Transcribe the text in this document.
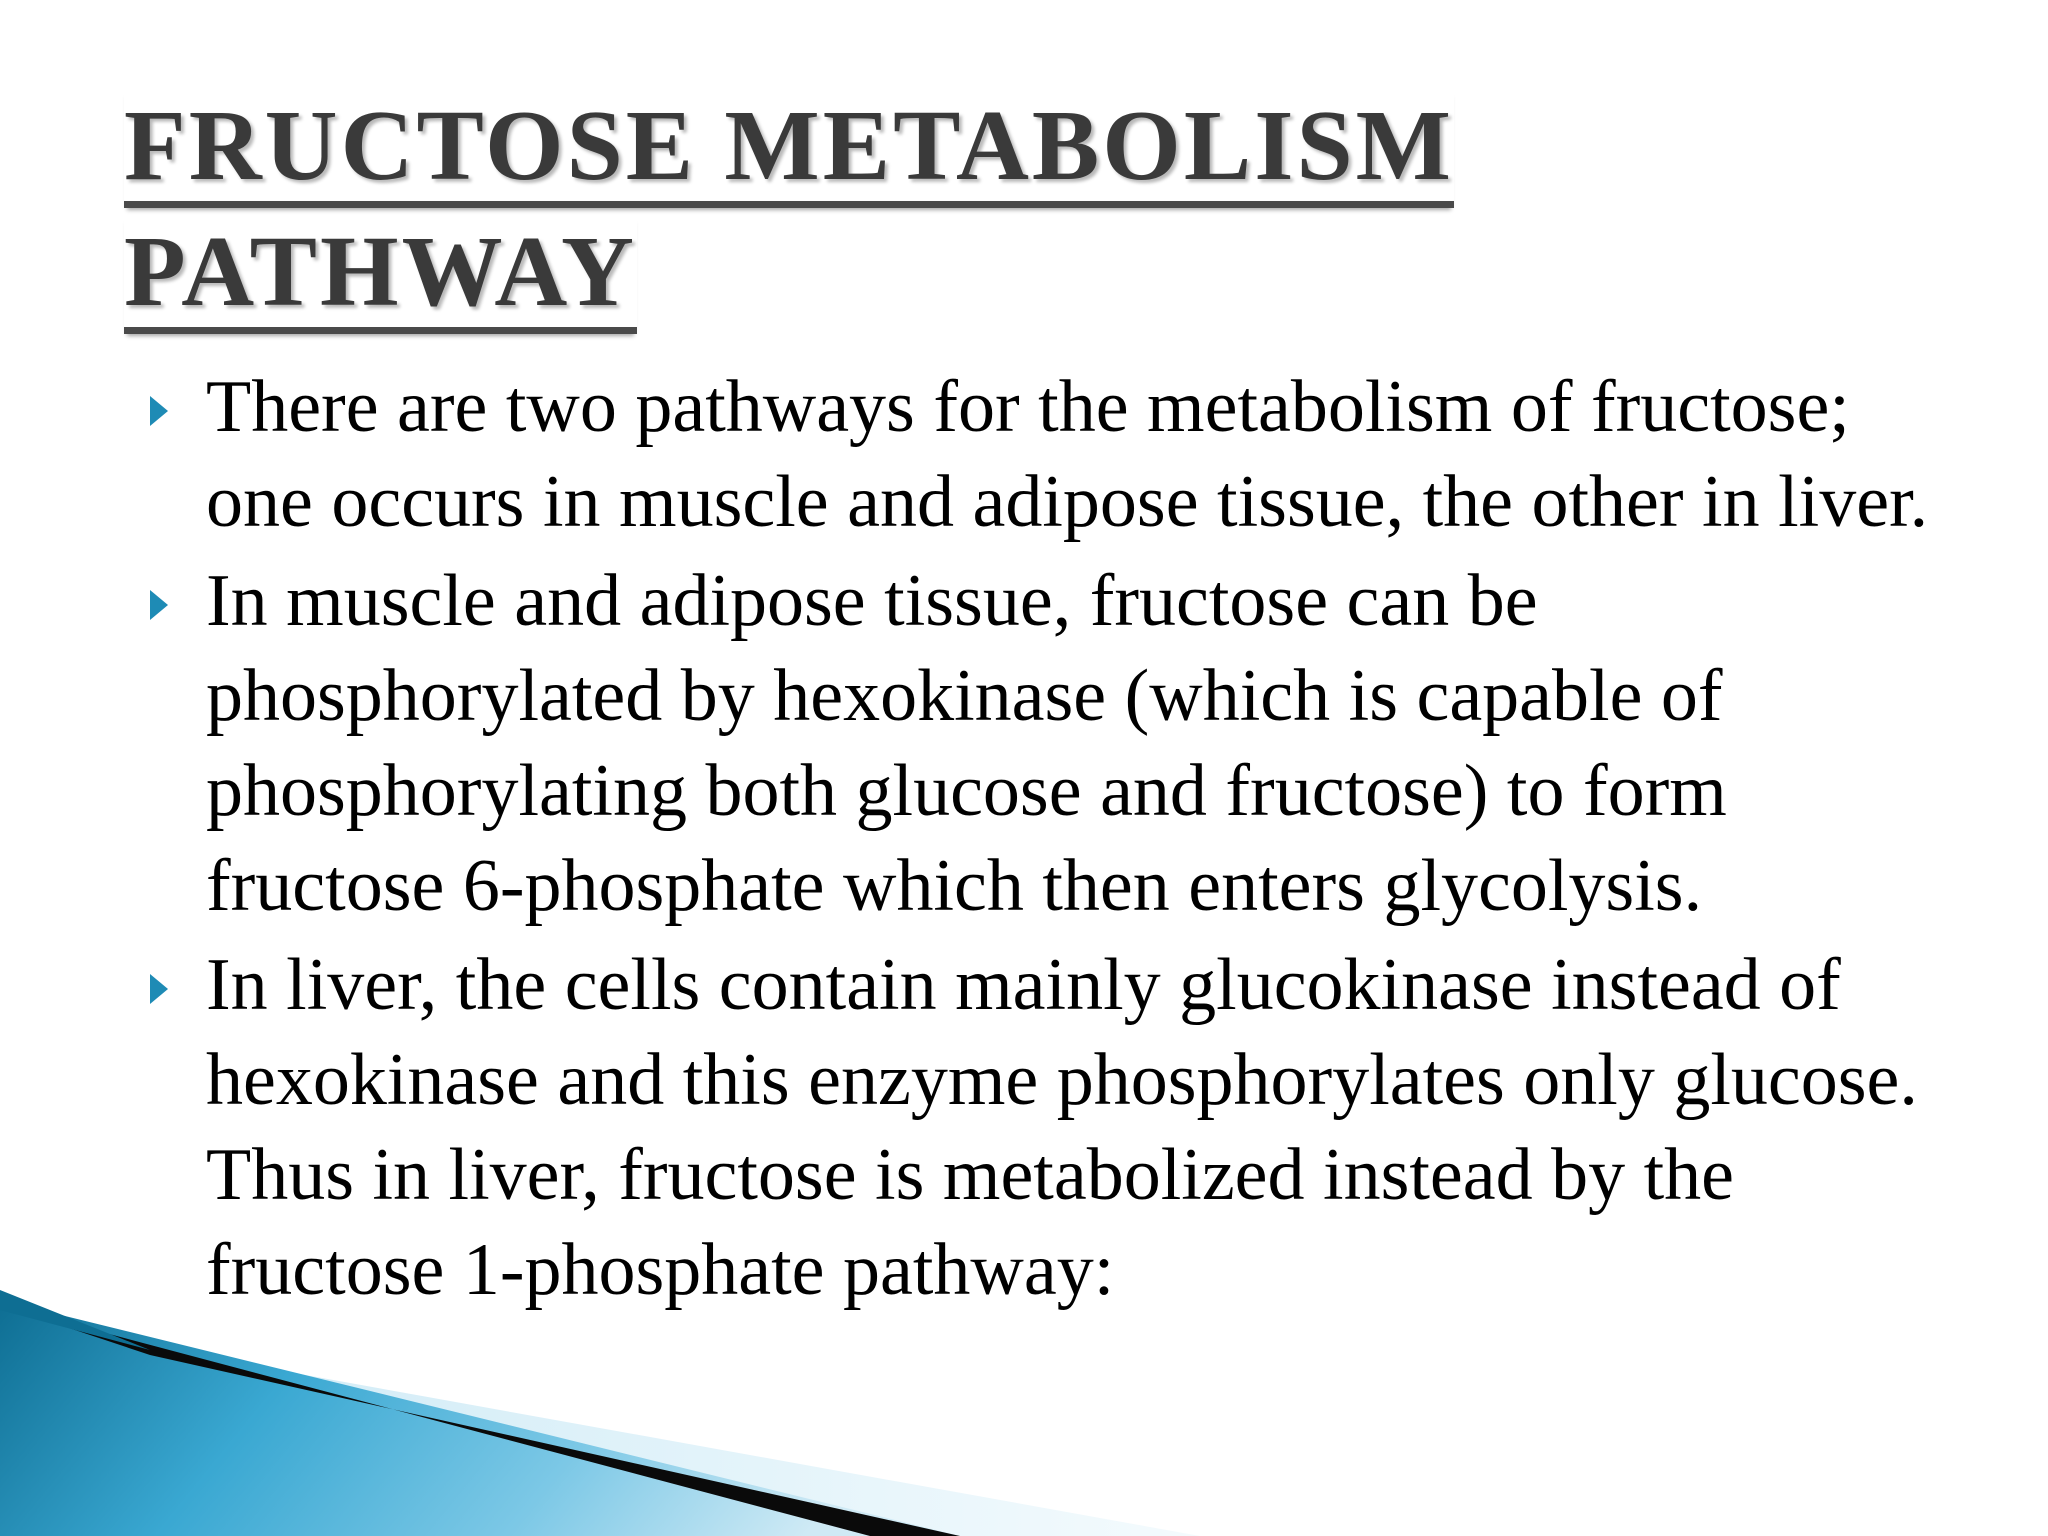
FRUCTOSE METABOLISM
PATHWAY
There are two pathways for the metabolism of fructose; one occurs in muscle and adipose tissue, the other in liver.
In muscle and adipose tissue, fructose can be phosphorylated by hexokinase (which is capable of phosphorylating both glucose and fructose) to form fructose 6-phosphate which then enters glycolysis.
In liver, the cells contain mainly glucokinase instead of hexokinase and this enzyme phosphorylates only glucose. Thus in liver, fructose is metabolized instead by the fructose 1-phosphate pathway:
